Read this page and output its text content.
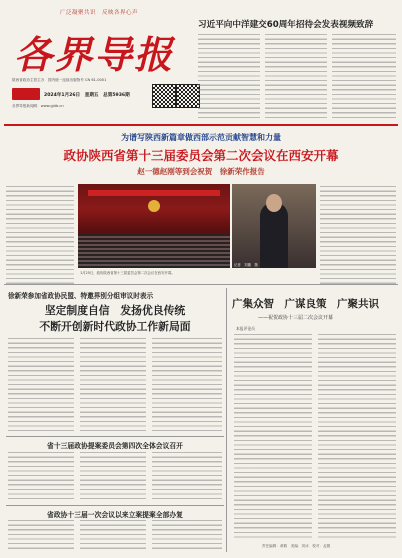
广泛凝聚共识　反映各界心声
各界导报
陕西省政协主管主办　国内统一连续出版物号 CN 61-0001
2024年1月26日　星期五　总第5936期
各界导报新闻网：www.gjdb.cn
习近平向中洋建交60周年招待会发表视频致辞
为谱写陕西新篇章做西部示范贡献智慧和力量
政协陕西省第十三届委员会第二次会议在西安开幕
赵一德赵刚等到会祝贺　徐新荣作报告
1月25日，政协陕西省第十三届委员会第二次会议在西安开幕。
记者　刘璐　摄
徐新荣参加省政协民盟、特邀界别分组审议时表示
坚定制度自信　发扬优良传统
不断开创新时代政协工作新局面
省十三届政协提案委员会第四次全体会议召开
省政协十三届一次会议以来立案提案全部办复
广集众智　广谋良策　广聚共识
——祝贺政协十三届二次会议开幕
本报评论员
责任编辑：黄鹤　美编：刘冰　校对：孟媛
